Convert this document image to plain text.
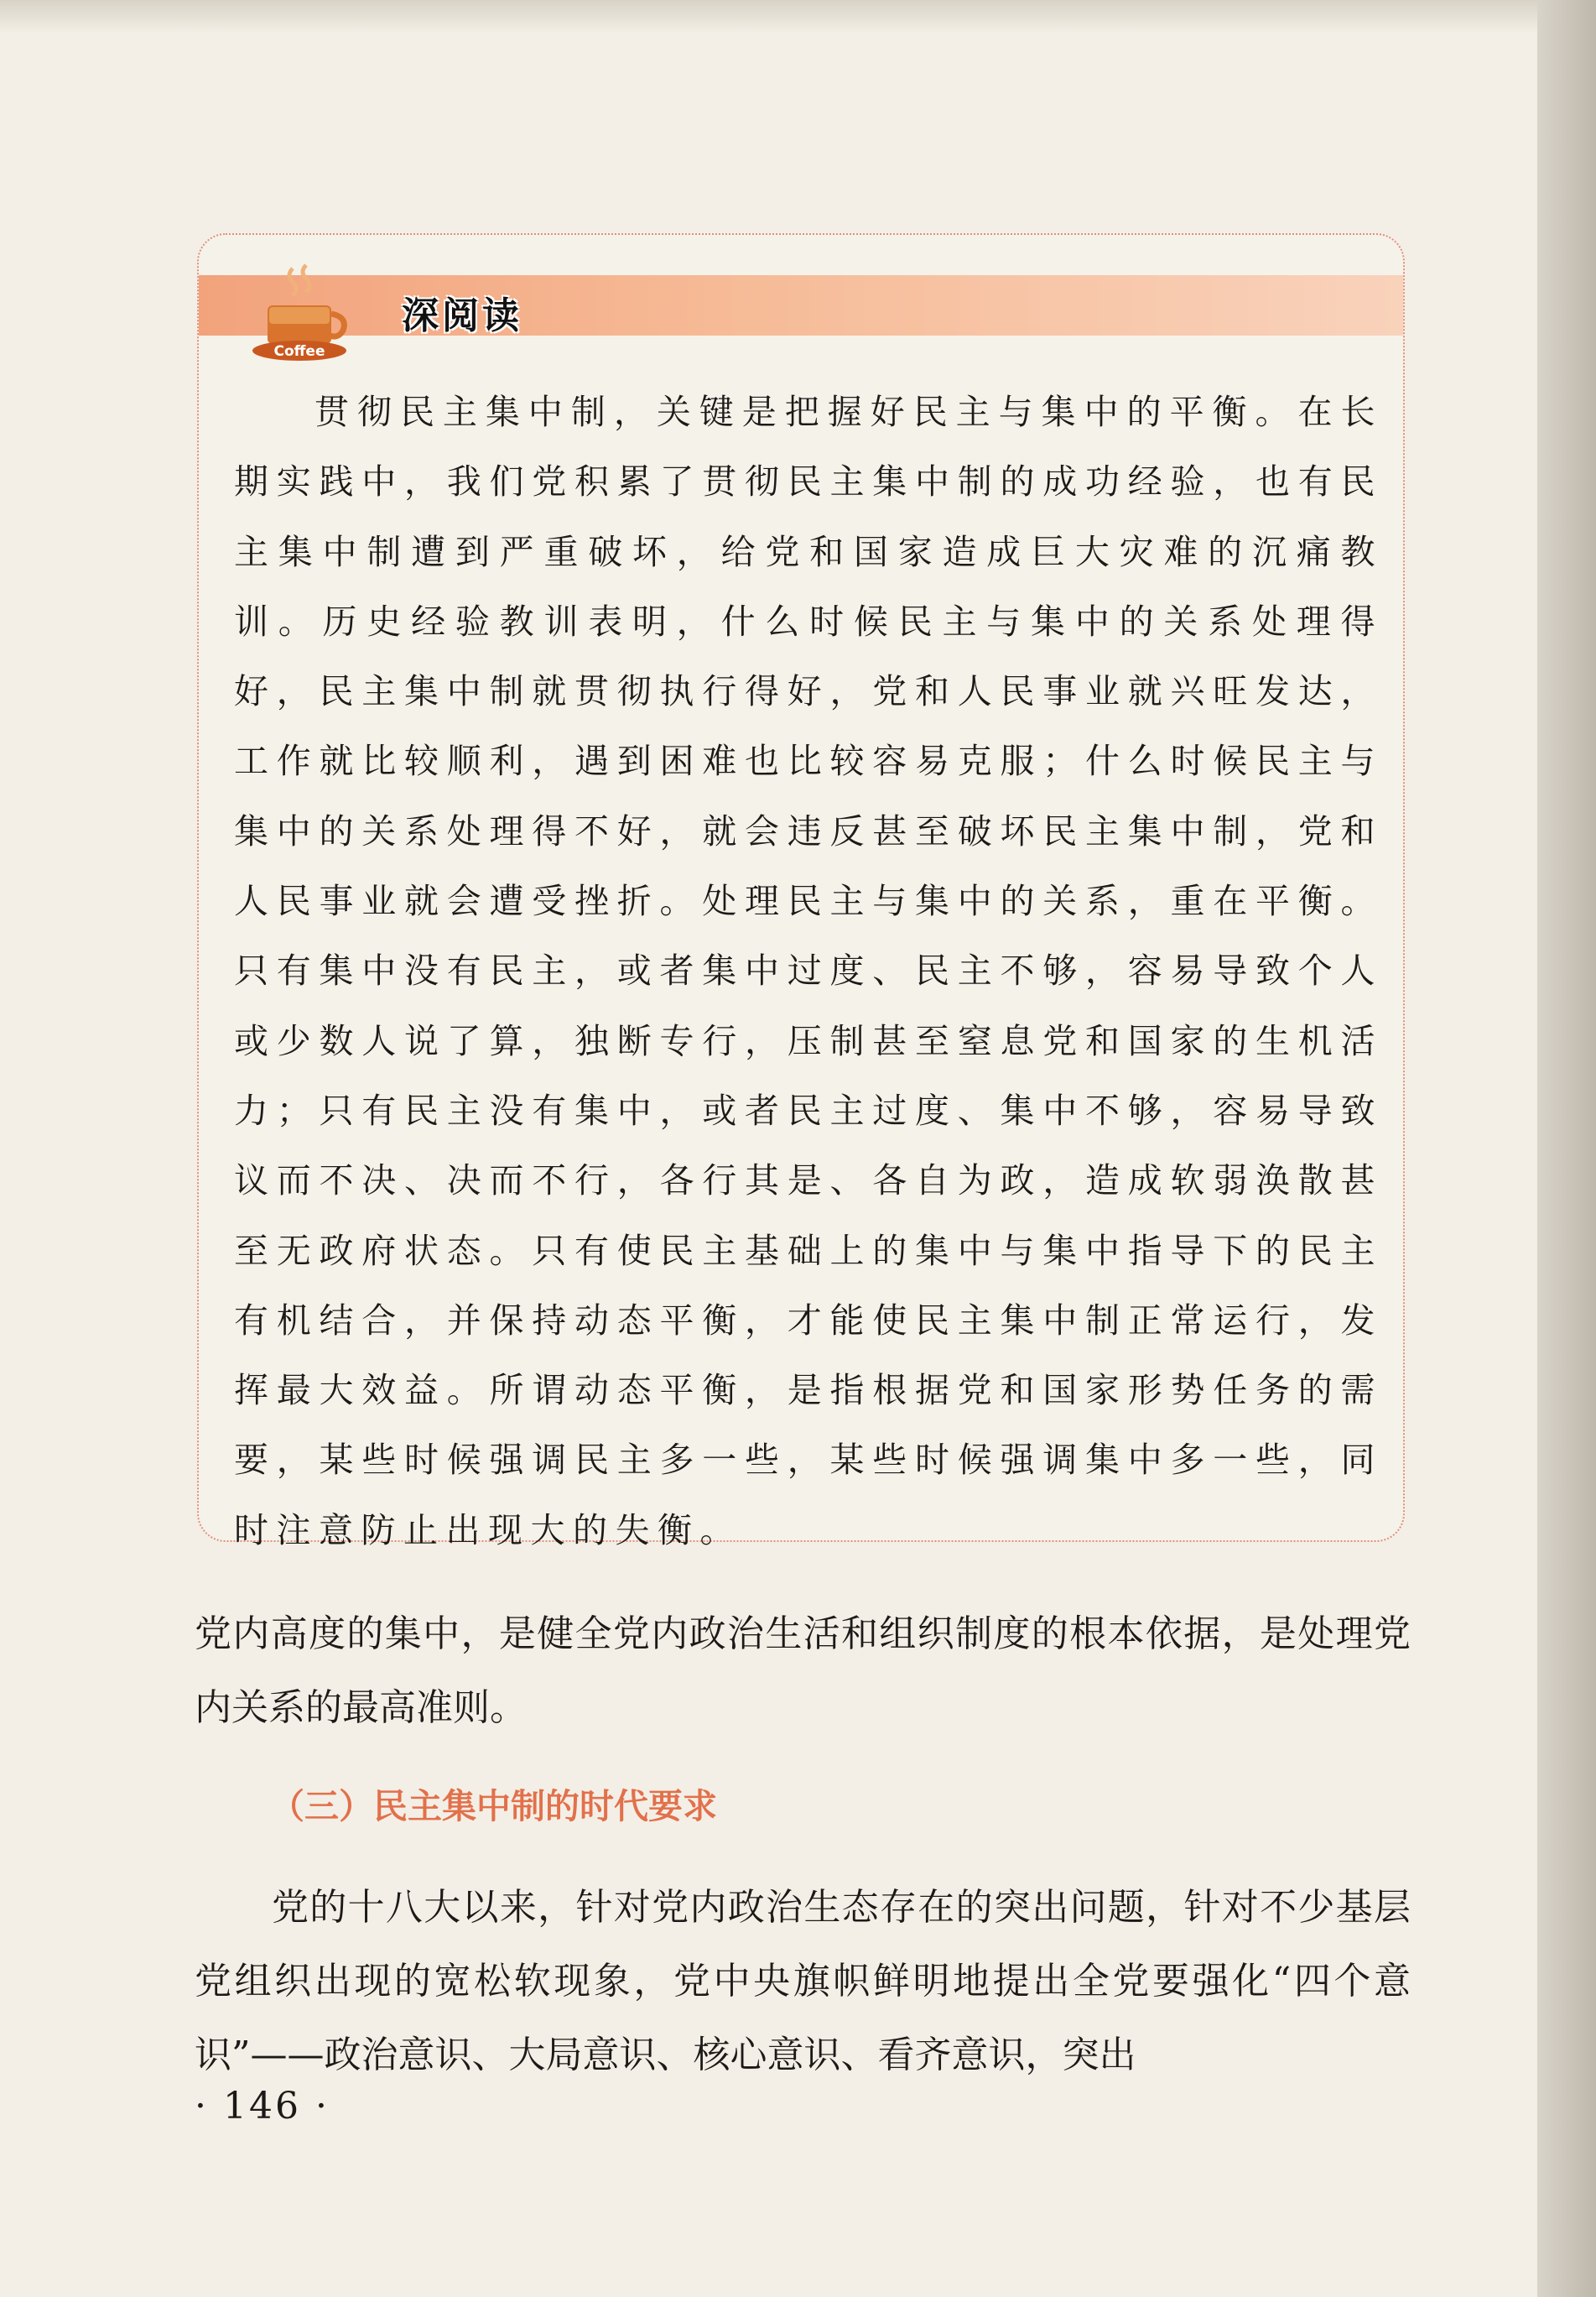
Coffee
深阅读

贯彻民主集中制，关键是把握好民主与集中的平衡。在长期实践中，我们党积累了贯彻民主集中制的成功经验，也有民主集中制遭到严重破坏，给党和国家造成巨大灾难的沉痛教训。历史经验教训表明，什么时候民主与集中的关系处理得好，民主集中制就贯彻执行得好，党和人民事业就兴旺发达，工作就比较顺利，遇到困难也比较容易克服；什么时候民主与集中的关系处理得不好，就会违反甚至破坏民主集中制，党和人民事业就会遭受挫折。处理民主与集中的关系，重在平衡。只有集中没有民主，或者集中过度、民主不够，容易导致个人或少数人说了算，独断专行，压制甚至窒息党和国家的生机活力；只有民主没有集中，或者民主过度、集中不够，容易导致议而不决、决而不行，各行其是、各自为政，造成软弱涣散甚至无政府状态。只有使民主基础上的集中与集中指导下的民主有机结合，并保持动态平衡，才能使民主集中制正常运行，发挥最大效益。所谓动态平衡，是指根据党和国家形势任务的需要，某些时候强调民主多一些，某些时候强调集中多一些，同时注意防止出现大的失衡。

党内高度的集中，是健全党内政治生活和组织制度的根本依据，是处理党内关系的最高准则。

（三）民主集中制的时代要求

党的十八大以来，针对党内政治生态存在的突出问题，针对不少基层党组织出现的宽松软现象，党中央旗帜鲜明地提出全党要强化“四个意识”——政治意识、大局意识、核心意识、看齐意识，突出

· 146 ·
